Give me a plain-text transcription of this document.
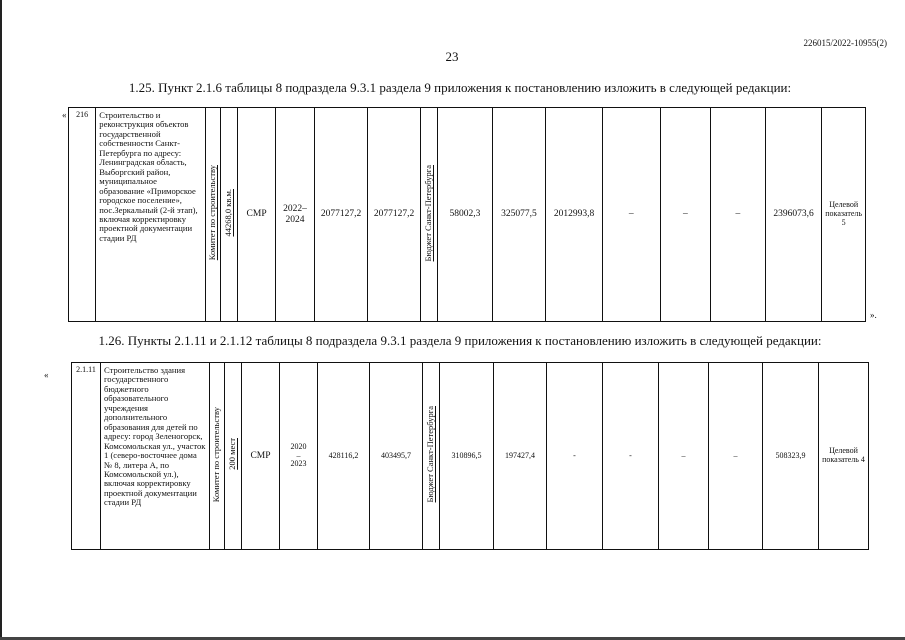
226015/2022-10955(2)
23
1.25. Пункт 2.1.6 таблицы 8 подраздела 9.3.1 раздела 9 приложения к постановлению изложить в следующей редакции:
« 216	Строительство и реконструкция объектов государственной собственности Санкт-Петербурга по адресу: Ленинградская область, Выборгский район, муниципальное образование «Приморское городское поселение», пос.Зеркальный (2-й этап), включая корректировку проектной документации стадии РД	Комитет по строительству	44268,0 кв.м.	СМР	2022–2024	2077127,2	2077127,2	Бюджет Санкт-Петербурга	58002,3	325077,5	2012993,8	–	–	–	2396073,6	Целевой показатель 5
».
1.26. Пункты 2.1.11 и 2.1.12 таблицы 8 подраздела 9.3.1 раздела 9 приложения к постановлению изложить в следующей редакции:
«
2.1.11	Строительство здания государственного бюджетного образовательного учреждения дополнительного образования для детей по адресу: город Зеленогорск, Комсомольская ул., участок 1 (северо-восточнее дома № 8, литера А, по Комсомольской ул.), включая корректировку проектной документации стадии РД	Комитет по строительству	200 мест	СМР	
2020
–
2023
	428116,2	403495,7	Бюджет Санкт-Петербурга	310896,5	197427,4	-	-	–	–	508323,9	Целевой показатель 4
